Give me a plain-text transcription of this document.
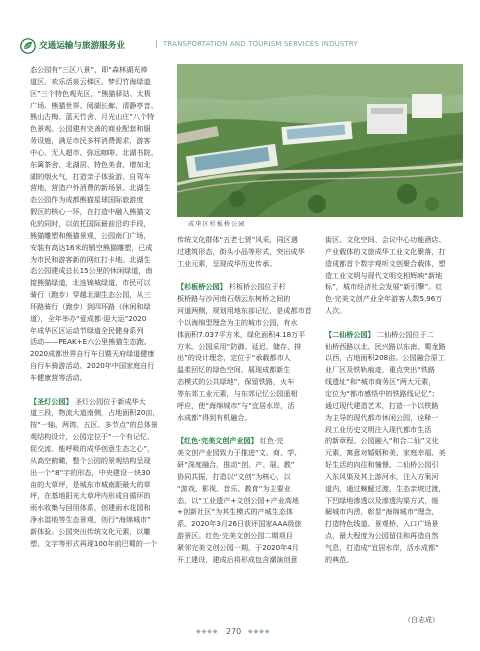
交通运输与旅游服务业	| TRANSPORTATION AND TOURISM SERVICES INDUSTRY

态公园有“三区八景”，即“森林湖光禅

道区、欢乐活泉云梯区、梦幻竹海绿道

区”三个特色观光区，“熊猫驿站、太极

广场、熊猫世界、阅湖长廊、清静亭音、

熊山古梅、蓝天竹舍、月光山庄”八个特

色景观。公园建有完善的商业配套和服

务设施，满足市民多样消费需求，游客

中心、无人超市、弥远咖啡、北湖书院、

东篱茶舍、北湖居、特色美食，增加北

湖的烟火气，打造亲子体验游、自驾车

营地、营造户外消费的新场景。北湖生

态公园作为成都熊猫星球国际旅游度

假区的核心一环，在打造中融入熊猫文

化的同时，以依托国际最前沿的手段，

熊猫雕塑和熊猫景观，公园南门广场，

安装有高达16米的锻空熊猫雕塑，已成

为市民和游客新的网红打卡地。北湖生

态公园建成总长15公里的休闲绿道，南

接熊猫绿道，北连锦城绿道，市民可以

骑行（跑步）穿越北湖生态公园，从三

环路骑行（跑步）到四环路（休闲和绿

道），全年举办“爱成都·迎大运”2020

年成华区区运动节绿道全民健身系列

活动——PEAK+E六公里熊猫生态跑。

2020成都世界自行车日暨天府绿道健康

自行车骑游活动、2020年中国家庭自行

车健康营等活动。

【圣灯公园】 圣灯公园位于新成华大

道三段，物流大道南侧，占地面积20亩，

按“一轴、两湾、五区、多节点”的总体景

观结构设计，公园定位于“一个有记忆、

促交流、能呼吸的成华创意生态之心”，

从高空俯瞰，整个公园的景观结构呈现

出一个“8”字的形态，中央建设一块30

亩的大草坪，是城东市城南距最大的草

坪，在基地阳光大草坪内形成自循环的

雨水收集与回用体系，创建雨水花园和

净水湿地等生态景观，创行“海绵城市”

新体验。公园突出传统文化元素，以雕

塑、文字等形式再现100年前巴蜀的一个

成华区杉板桥公园

传统文化群体“五老七贤”风采，同区遇

过建筑形态，街头小品等形式，突出成华

工业元素，呈现成华历史传承。

【杉板桥公园】 杉板桥公园位于杉

板桥路与沙河南石烟云东树桥之间的

河道两侧，规划用地东部记忆，是成都市首

个以海绵型理念为主的城市公园，有水

体面积7.037平方米，绿化面积4.18万平

方米。公园采用“防御、延迟、储存、排

出”的设计理念，定位于“承载都市人

温柔回忆的绿色空间，展现成都新生

态模式的公共绿地”，保留铁路，火车

等东郊工业元素，与东郊记忆公园遥相

呼应，使“海绵城市”与“宜居水岸，活

水成都”得到有机融合。

【红色·完美文创产业园】 红色·完

美文创产业园致力于推进“文、商、学、

研”深度融合，推动“创、产、展、教”

协同共振，打造以“文创”为核心，以

“游戏、影视、音乐、教育”为主要业

态，以“工业遗产+文创公园+产业高地

+创新社区”为其生模式的产城生态体

系。2020年3月26日获评国家AAA级旅

游景区。红色·完美文创公园二期项目

紧邻完美文创公园一期，于2020年4月

开工建设，建成后将形成包含潮演创意

街区、文化空间、会议中心功能酒店、

产业载体的文旅成华工业文化聚落，打

造成都首个数字观听文创聚合载体，塑

造工业文明与现代文明交相辉映“新地

标”，城市经济社会发展“新引擎”。红

色·完美文创产业全年游客人数5.96万

人次。

【二仙桥公园】 二仙桥公园位于二

仙桥西路以北、民兴路以东南、蜀龙路

以西，占地面积208亩。公园融合原工

业厂区及铁轨痕迹，重点突出“铁路

线遗址”和“城市商务区”两大元素，

定位为“都市感悟中的铁路线记忆”；

通过现代建造艺术，打造一个以铁路

为主导的现代都市休闲公园，诠释一

段工业历史文明注入现代都市生活

的新章程。公园融入“和合二仙”文化

元素，寓意对婚姻和美、家庭幸福、美

好生活的向往和憧憬。二仙桥公园引

入东风渠及其上游河水，注入方案河

道内，通过蜿蜒过渡、生态亲坡过渡，

下凹绿地渗透以及渗透沟渠方式，缓

解城市内涝，彰显“海绵城市”理念，

打造特色线道、景观桥、入口广场景

点，最大程度为公园留住和再造自然

气息，打造成“宜居水岸，活水成都”

的典范。

（白志成）
◆◆◆◆ 270 ◆◆◆◆
